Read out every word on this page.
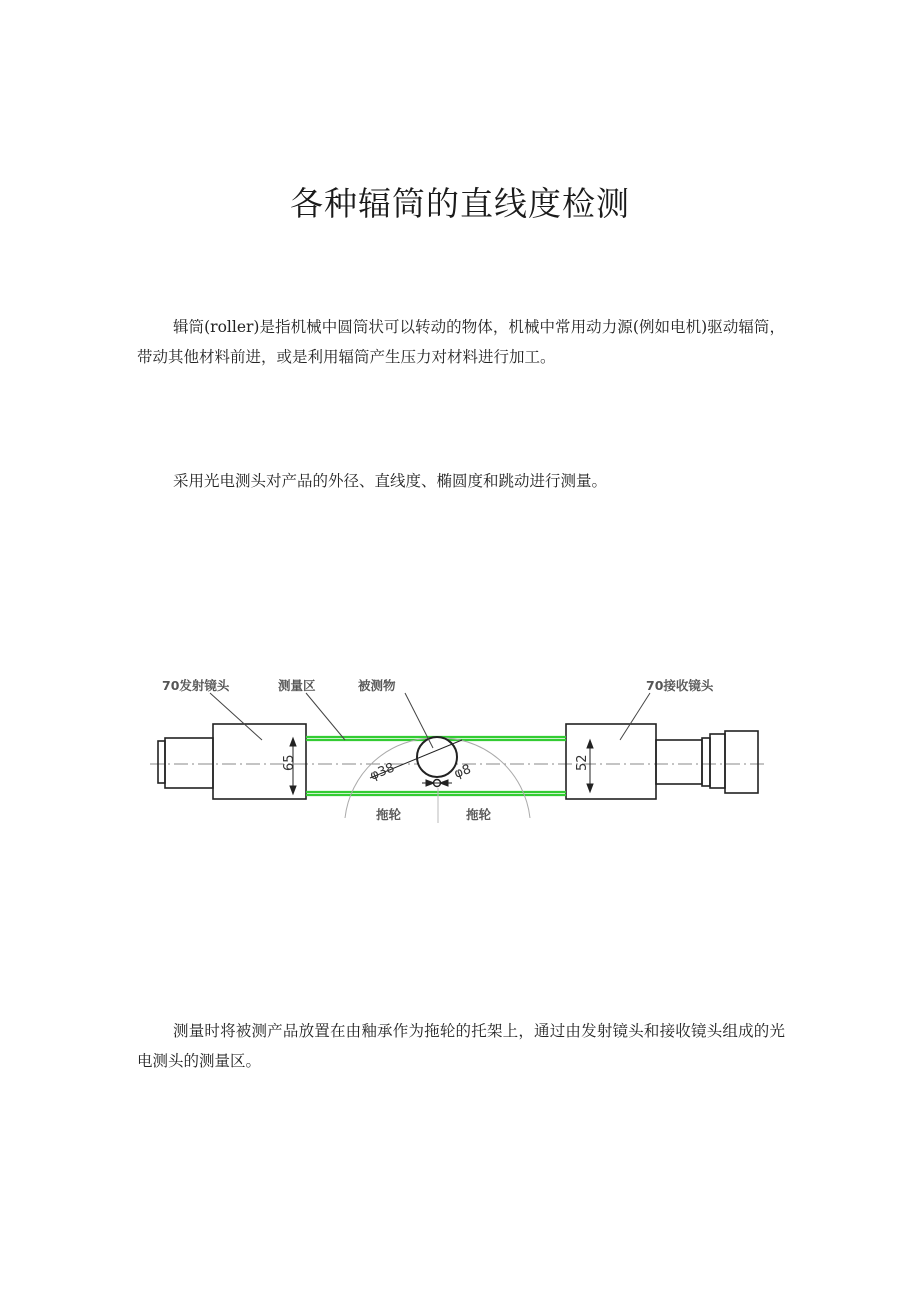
各种辐筒的直线度检测

辑筒(roller)是指机械中圆筒状可以转动的物体，机械中常用动力源(例如电机)驱动辐筒，带动其他材料前进，或是利用辐筒产生压力对材料进行加工。

采用光电测头对产品的外径、直线度、椭圆度和跳动进行测量。

70发射镜头	测量区	被测物	70接收镜头
拖轮	拖轮
65	52
φ38	φ8

测量时将被测产品放置在由釉承作为拖轮的托架上，通过由发射镜头和接收镜头组成的光电测头的测量区。
